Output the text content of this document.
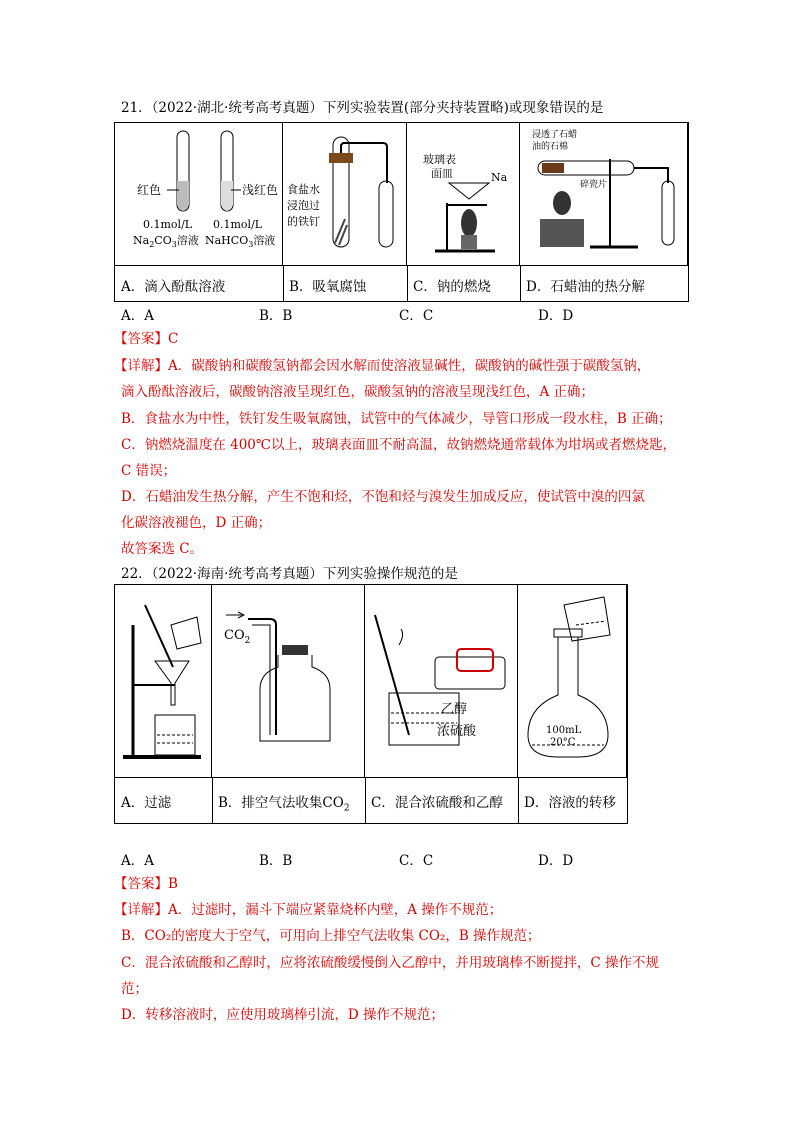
21．（2022·湖北·统考高考真题）下列实验装置(部分夹持装置略)或现象错误的是
红色	浅红色
0.1mol/L
$Na_2CO_3$溶液
0.1mol/L
NaHCO$_3$溶液
食盐水
浸泡过
的铁钉
玻璃表
面皿	Na
浸透了石蜡
油的石棉
碎瓷片
A．滴入酚酞溶液	B．吸氧腐蚀	C．钠的燃烧	D．石蜡油的热分解
A．A	B．B	C．C	D．D
【答案】C
【详解】A．碳酸钠和碳酸氢钠都会因水解而使溶液显碱性，碳酸钠的碱性强于碳酸氢钠，
滴入酚酞溶液后，碳酸钠溶液呈现红色，碳酸氢钠的溶液呈现浅红色，A 正确；
B．食盐水为中性，铁钉发生吸氧腐蚀，试管中的气体减少，导管口形成一段水柱，B 正确；
C．钠燃烧温度在 400℃以上，玻璃表面皿不耐高温，故钠燃烧通常载体为坩埚或者燃烧匙，
C 错误；
D．石蜡油发生热分解，产生不饱和烃，不饱和烃与溴发生加成反应，使试管中溴的四氯
化碳溶液褪色，D 正确；
故答案选 C。
22．（2022·海南·统考高考真题）下列实验操作规范的是
$CO_2$
乙醇
浓硫酸	100mL
20°C
A．过滤	B．排空气法收集$CO_2$ C．混合浓硫酸和乙醇 D．溶液的转移
A．A	B．B	C．C	D．D
【答案】B
【详解】A．过滤时，漏斗下端应紧靠烧杯内壁，A 操作不规范；
B．CO₂的密度大于空气，可用向上排空气法收集 CO₂，B 操作规范；
C．混合浓硫酸和乙醇时，应将浓硫酸缓慢倒入乙醇中，并用玻璃棒不断搅拌，C 操作不规
范；
D．转移溶液时，应使用玻璃棒引流，D 操作不规范；
